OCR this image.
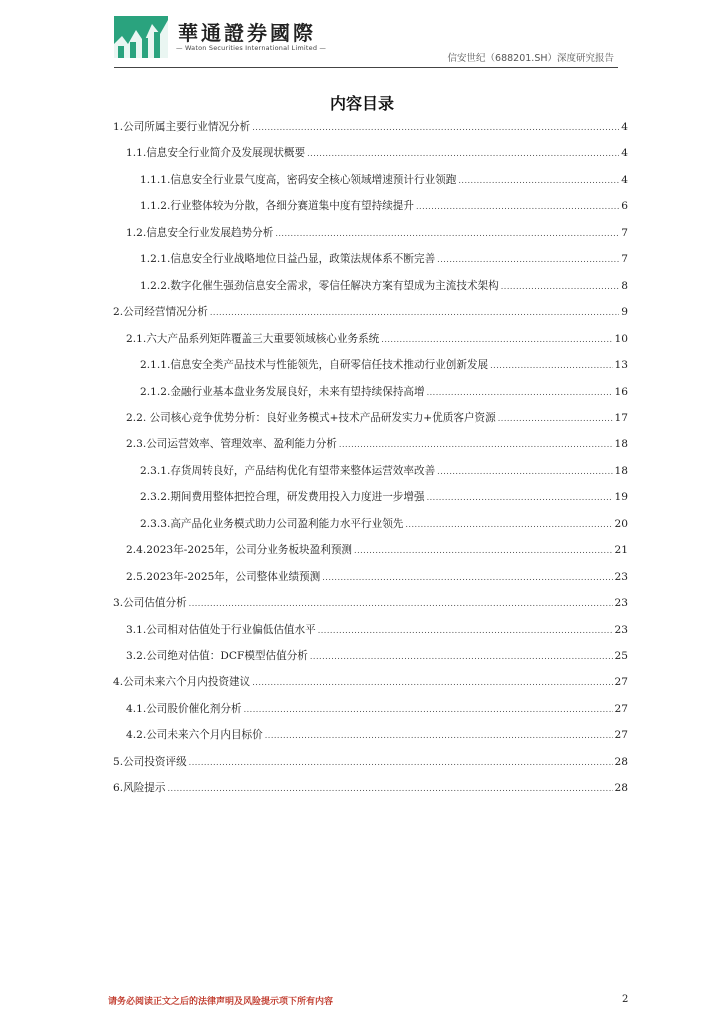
華通證券國際
— Waton Securities International Limited —
信安世纪（688201.SH）深度研究报告
内容目录
1.公司所属主要行业情况分析 .....	4
1.1.信息安全行业简介及发展现状概要 .....	4
1.1.1.信息安全行业景气度高，密码安全核心领域增速预计行业领跑 .....	4
1.1.2.行业整体较为分散，各细分赛道集中度有望持续提升 .....	6
1.2.信息安全行业发展趋势分析 .....	7
1.2.1.信息安全行业战略地位日益凸显，政策法规体系不断完善 .....	7
1.2.2.数字化催生强劲信息安全需求，零信任解决方案有望成为主流技术架构 .....	8
2.公司经营情况分析 .....	9
2.1.六大产品系列矩阵覆盖三大重要领域核心业务系统 .....	10
2.1.1.信息安全类产品技术与性能领先，自研零信任技术推动行业创新发展 .....	13
2.1.2.金融行业基本盘业务发展良好，未来有望持续保持高增 .....	16
2.2. 公司核心竞争优势分析：良好业务模式+技术产品研发实力+优质客户资源 .....	17
2.3.公司运营效率、管理效率、盈利能力分析 .....	18
2.3.1.存货周转良好，产品结构优化有望带来整体运营效率改善 .....	18
2.3.2.期间费用整体把控合理，研发费用投入力度进一步增强 .....	19
2.3.3.高产品化业务模式助力公司盈利能力水平行业领先 .....	20
2.4.2023年-2025年，公司分业务板块盈利预测 .....	21
2.5.2023年-2025年，公司整体业绩预测 .....	23
3.公司估值分析 .....	23
3.1.公司相对估值处于行业偏低估值水平 .....	23
3.2.公司绝对估值：DCF模型估值分析 .....	25
4.公司未来六个月内投资建议 .....	27
4.1.公司股价催化剂分析 .....	27
4.2.公司未来六个月内目标价 .....	27
5.公司投资评级 .....	28
6.风险提示 .....	28
请务必阅读正文之后的法律声明及风险提示项下所有内容	2
